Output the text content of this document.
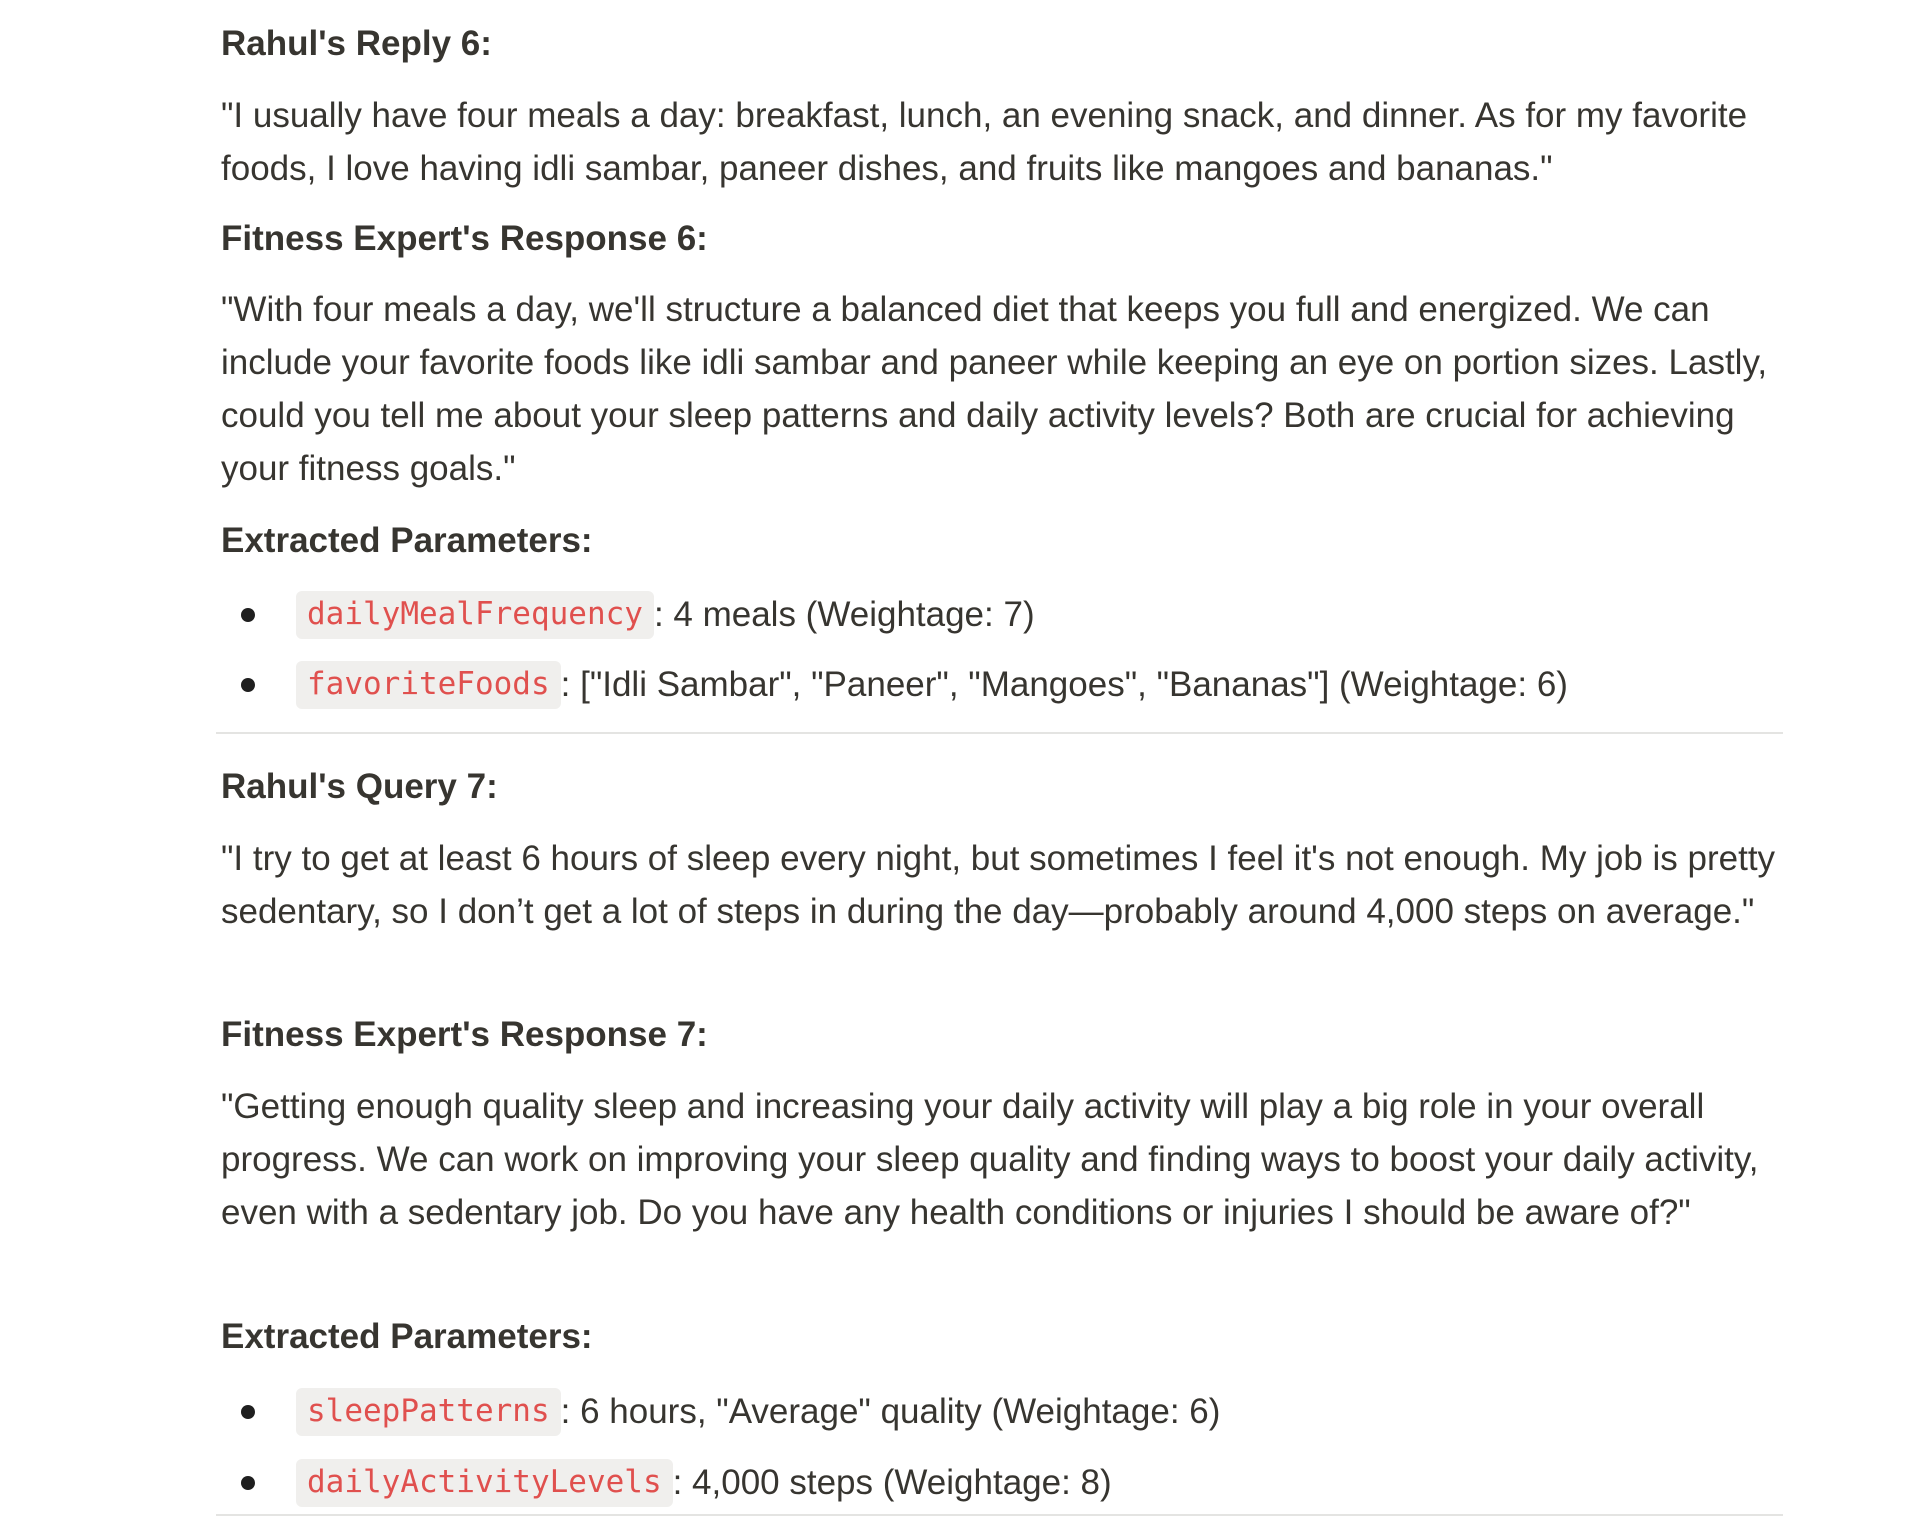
Rahul's Reply 6:

"I usually have four meals a day: breakfast, lunch, an evening snack, and dinner. As for my favorite foods, I love having idli sambar, paneer dishes, and fruits like mangoes and bananas."

Fitness Expert's Response 6:

"With four meals a day, we'll structure a balanced diet that keeps you full and energized. We can include your favorite foods like idli sambar and paneer while keeping an eye on portion sizes. Lastly, could you tell me about your sleep patterns and daily activity levels? Both are crucial for achieving your fitness goals."

Extracted Parameters:
dailyMealFrequency : 4 meals (Weightage: 7)
favoriteFoods : ["Idli Sambar", "Paneer", "Mangoes", "Bananas"] (Weightage: 6)
Rahul's Query 7:

"I try to get at least 6 hours of sleep every night, but sometimes I feel it's not enough. My job is pretty sedentary, so I don’t get a lot of steps in during the day—probably around 4,000 steps on average."

Fitness Expert's Response 7:

"Getting enough quality sleep and increasing your daily activity will play a big role in your overall progress. We can work on improving your sleep quality and finding ways to boost your daily activity, even with a sedentary job. Do you have any health conditions or injuries I should be aware of?"

Extracted Parameters:
sleepPatterns : 6 hours, "Average" quality (Weightage: 6)
dailyActivityLevels : 4,000 steps (Weightage: 8)
